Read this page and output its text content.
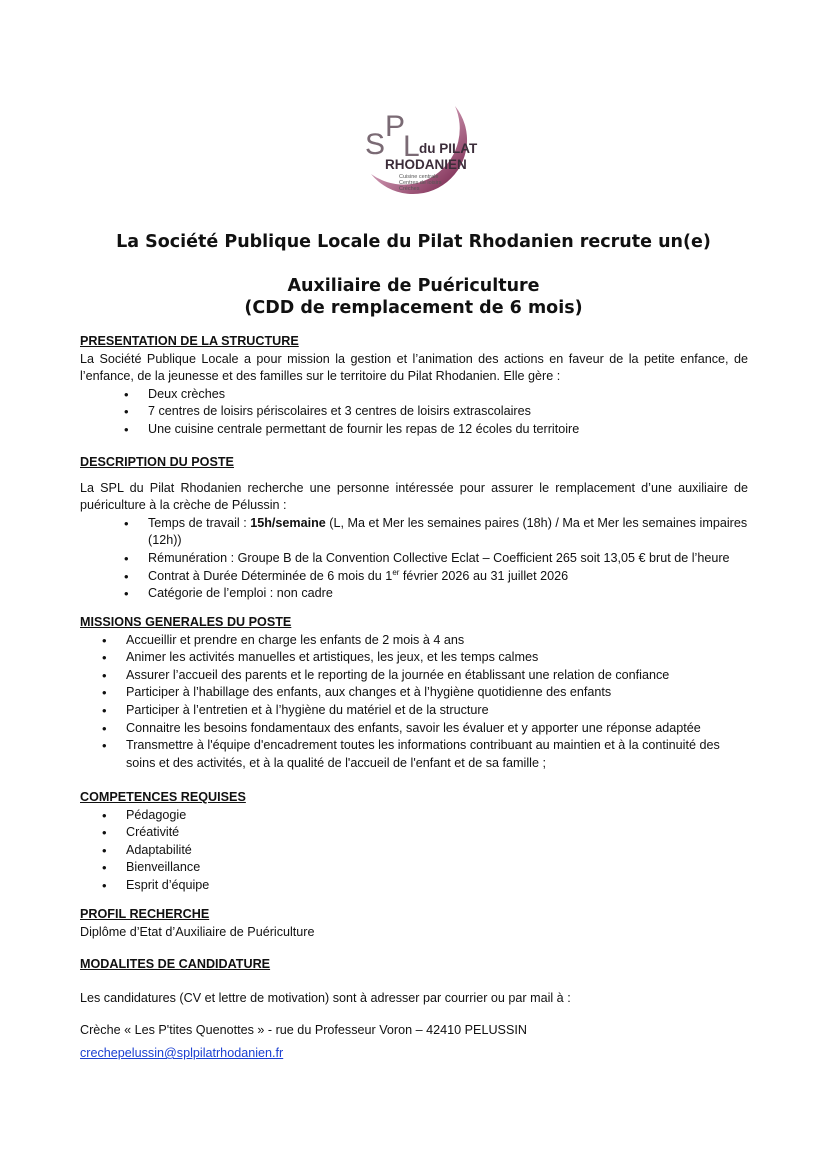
S
P
L du PILAT
RHODANIEN
Cuisine centrale
Centres de loisirs
Crèches
La Société Publique Locale du Pilat Rhodanien recrute un(e)
Auxiliaire de Puériculture
(CDD de remplacement de 6 mois)
PRESENTATION DE LA STRUCTURE
La Société Publique Locale a pour mission la gestion et l’animation des actions en faveur de la petite enfance, de l’enfance, de la jeunesse et des familles sur le territoire du Pilat Rhodanien. Elle gère :
• Deux crèches
• 7 centres de loisirs périscolaires et 3 centres de loisirs extrascolaires
• Une cuisine centrale permettant de fournir les repas de 12 écoles du territoire
DESCRIPTION DU POSTE
La SPL du Pilat Rhodanien recherche une personne intéressée pour assurer le remplacement d’une auxiliaire de puériculture à la crèche de Pélussin :
• Temps de travail : 15h/semaine (L, Ma et Mer les semaines paires (18h) / Ma et Mer les semaines impaires (12h))
• Rémunération : Groupe B de la Convention Collective Eclat – Coefficient 265 soit 13,05 € brut de l’heure
• Contrat à Durée Déterminée de 6 mois du 1er février 2026 au 31 juillet 2026
• Catégorie de l’emploi : non cadre
MISSIONS GENERALES DU POSTE
• Accueillir et prendre en charge les enfants de 2 mois à 4 ans
• Animer les activités manuelles et artistiques, les jeux, et les temps calmes
• Assurer l’accueil des parents et le reporting de la journée en établissant une relation de confiance
• Participer à l’habillage des enfants, aux changes et à l’hygiène quotidienne des enfants
• Participer à l’entretien et à l’hygiène du matériel et de la structure
• Connaitre les besoins fondamentaux des enfants, savoir les évaluer et y apporter une réponse adaptée
• Transmettre à l'équipe d'encadrement toutes les informations contribuant au maintien et à la continuité des soins et des activités, et à la qualité de l'accueil de l'enfant et de sa famille ;
COMPETENCES REQUISES
• Pédagogie
• Créativité
• Adaptabilité
• Bienveillance
• Esprit d’équipe
PROFIL RECHERCHE
Diplôme d’Etat d’Auxiliaire de Puériculture
MODALITES DE CANDIDATURE
Les candidatures (CV et lettre de motivation) sont à adresser par courrier ou par mail à :
Crèche « Les P'tites Quenottes » - rue du Professeur Voron – 42410 PELUSSIN
crechepelussin@splpilatrhodanien.fr
